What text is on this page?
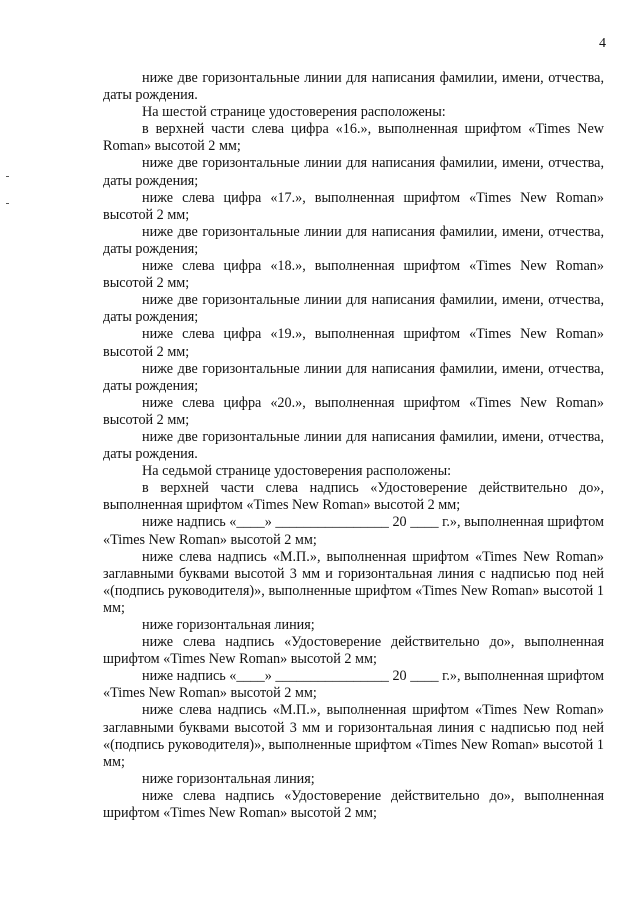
4

ниже две горизонтальные линии для написания фамилии, имени, отчества, даты рождения.

На шестой странице удостоверения расположены:

в верхней части слева цифра «16.», выполненная шрифтом «Times New Roman» высотой 2 мм;

ниже две горизонтальные линии для написания фамилии, имени, отчества, даты рождения;

ниже слева цифра «17.», выполненная шрифтом «Times New Roman» высотой 2 мм;

ниже две горизонтальные линии для написания фамилии, имени, отчества, даты рождения;

ниже слева цифра «18.», выполненная шрифтом «Times New Roman» высотой 2 мм;

ниже две горизонтальные линии для написания фамилии, имени, отчества, даты рождения;

ниже слева цифра «19.», выполненная шрифтом «Times New Roman» высотой 2 мм;

ниже две горизонтальные линии для написания фамилии, имени, отчества, даты рождения;

ниже слева цифра «20.», выполненная шрифтом «Times New Roman» высотой 2 мм;

ниже две горизонтальные линии для написания фамилии, имени, отчества, даты рождения.

На седьмой странице удостоверения расположены:

в верхней части слева надпись «Удостоверение действительно до», выполненная шрифтом «Times New Roman» высотой 2 мм;

ниже надпись «____» ________________ 20 ____ г.», выполненная шрифтом «Times New Roman» высотой 2 мм;

ниже слева надпись «М.П.», выполненная шрифтом «Times New Roman» заглавными буквами высотой 3 мм и горизонтальная линия с надписью под ней «(подпись руководителя)», выполненные шрифтом «Times New Roman» высотой 1 мм;

ниже горизонтальная линия;

ниже слева надпись «Удостоверение действительно до», выполненная шрифтом «Times New Roman» высотой 2 мм;

ниже надпись «____» ________________ 20 ____ г.», выполненная шрифтом «Times New Roman» высотой 2 мм;

ниже слева надпись «М.П.», выполненная шрифтом «Times New Roman» заглавными буквами высотой 3 мм и горизонтальная линия с надписью под ней «(подпись руководителя)», выполненные шрифтом «Times New Roman» высотой 1 мм;

ниже горизонтальная линия;

ниже слева надпись «Удостоверение действительно до», выполненная шрифтом «Times New Roman» высотой 2 мм;
